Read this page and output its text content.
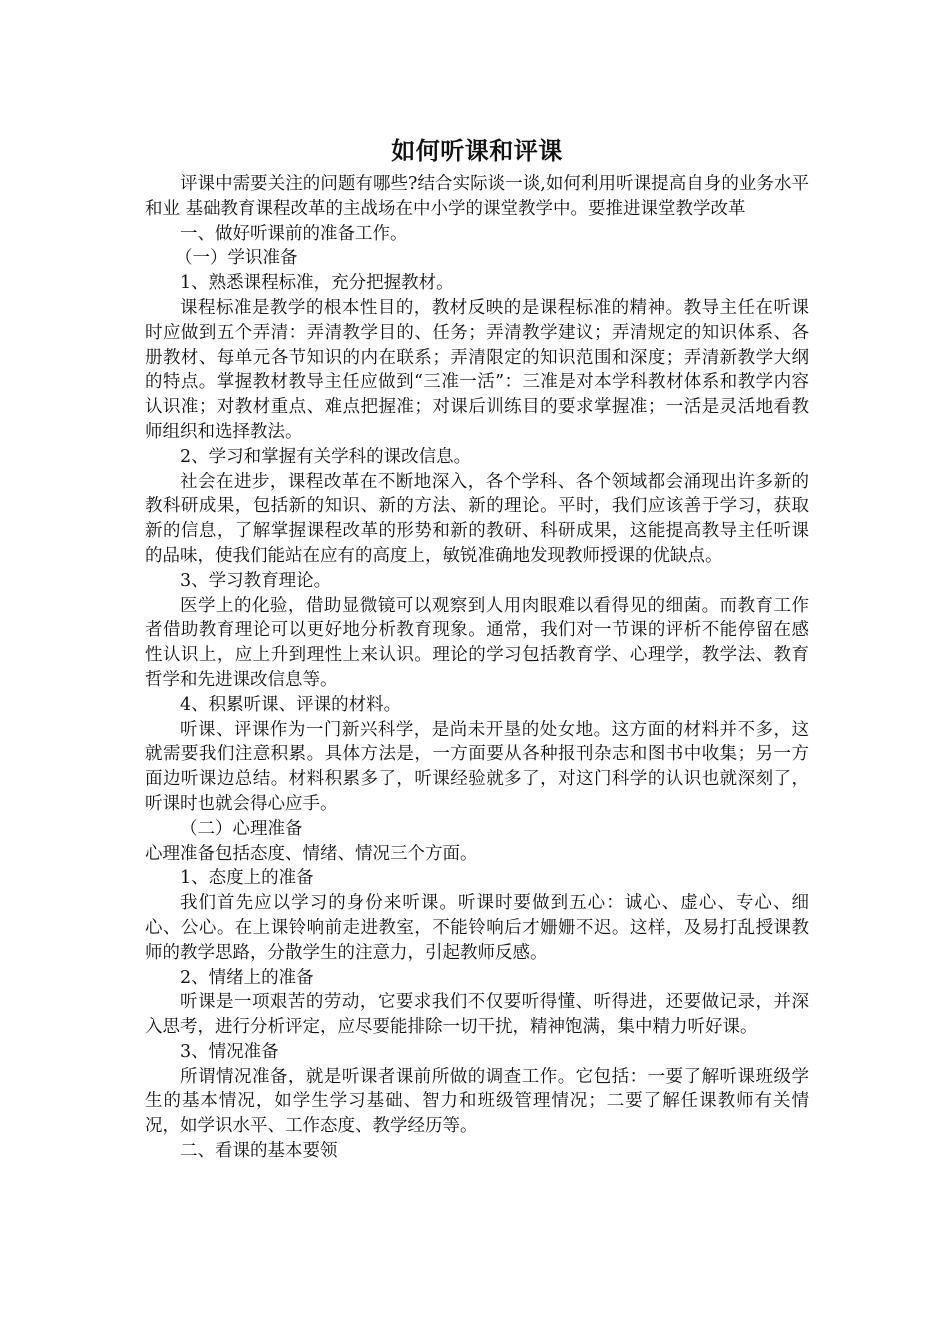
如何听课和评课

评课中需要关注的问题有哪些?结合实际谈一谈,如何利用听课提高自身的业务水平和业 基础教育课程改革的主战场在中小学的课堂教学中。要推进课堂教学改革

一、做好听课前的准备工作。

（一）学识准备

1、熟悉课程标准，充分把握教材。

课程标准是教学的根本性目的，教材反映的是课程标准的精神。教导主任在听课时应做到五个弄清：弄清教学目的、任务；弄清教学建议；弄清规定的知识体系、各册教材、每单元各节知识的内在联系；弄清限定的知识范围和深度；弄清新教学大纲的特点。掌握教材教导主任应做到“三准一活”：三准是对本学科教材体系和教学内容认识准；对教材重点、难点把握准；对课后训练目的要求掌握准；一活是灵活地看教师组织和选择教法。

2、学习和掌握有关学科的课改信息。

社会在进步，课程改革在不断地深入，各个学科、各个领域都会涌现出许多新的教科研成果，包括新的知识、新的方法、新的理论。平时，我们应该善于学习，获取新的信息，了解掌握课程改革的形势和新的教研、科研成果，这能提高教导主任听课的品味，使我们能站在应有的高度上，敏锐准确地发现教师授课的优缺点。

3、学习教育理论。

医学上的化验，借助显微镜可以观察到人用肉眼难以看得见的细菌。而教育工作者借助教育理论可以更好地分析教育现象。通常，我们对一节课的评析不能停留在感性认识上，应上升到理性上来认识。理论的学习包括教育学、心理学，教学法、教育哲学和先进课改信息等。

4、积累听课、评课的材料。

听课、评课作为一门新兴科学，是尚未开垦的处女地。这方面的材料并不多，这就需要我们注意积累。具体方法是，一方面要从各种报刊杂志和图书中收集；另一方面边听课边总结。材料积累多了，听课经验就多了，对这门科学的认识也就深刻了，听课时也就会得心应手。

（二）心理准备

心理准备包括态度、情绪、情况三个方面。

1、态度上的准备

我们首先应以学习的身份来听课。听课时要做到五心：诚心、虚心、专心、细心、公心。在上课铃响前走进教室，不能铃响后才姗姗不迟。这样，及易打乱授课教师的教学思路，分散学生的注意力，引起教师反感。

2、情绪上的准备

听课是一项艰苦的劳动，它要求我们不仅要听得懂、听得进，还要做记录，并深入思考，进行分析评定，应尽要能排除一切干扰，精神饱满，集中精力听好课。

3、情况准备

所谓情况准备，就是听课者课前所做的调查工作。它包括：一要了解听课班级学生的基本情况，如学生学习基础、智力和班级管理情况；二要了解任课教师有关情况，如学识水平、工作态度、教学经历等。

二、看课的基本要领
